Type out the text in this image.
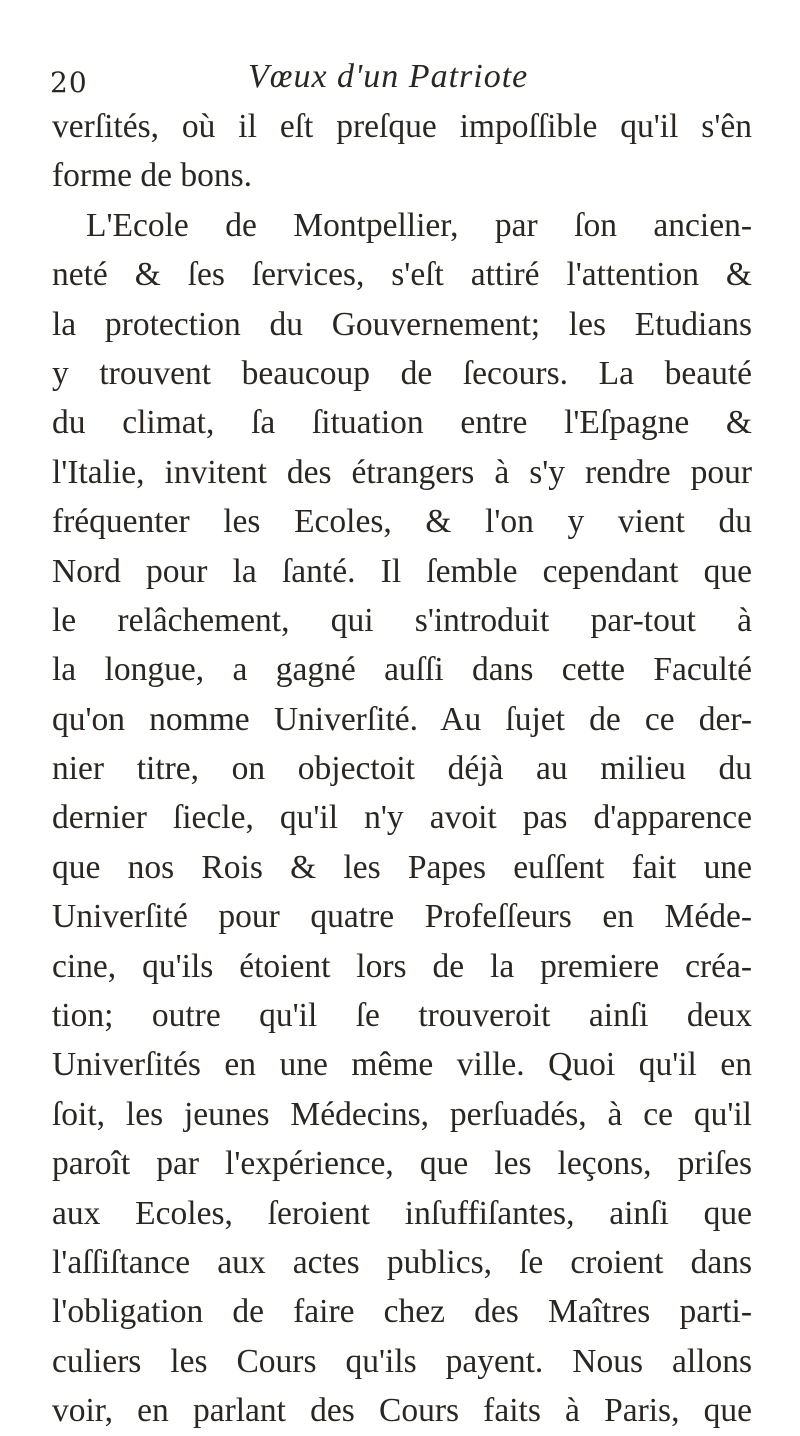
20	Vœux d'un Patriote
verſités, où il eſt preſque impoſſible qu'il s'ên
forme de bons.
L'Ecole de Montpellier, par ſon ancien-
neté & ſes ſervices, s'eſt attiré l'attention &
la protection du Gouvernement; les Etudians
y trouvent beaucoup de ſecours. La beauté
du climat, ſa ſituation entre l'Eſpagne &
l'Italie, invitent des étrangers à s'y rendre pour
fréquenter les Ecoles, & l'on y vient du
Nord pour la ſanté. Il ſemble cependant que
le relâchement, qui s'introduit par-tout à
la longue, a gagné auſſi dans cette Faculté
qu'on nomme Univerſité. Au ſujet de ce der-
nier titre, on objectoit déjà au milieu du
dernier ſiecle, qu'il n'y avoit pas d'apparence
que nos Rois & les Papes euſſent fait une
Univerſité pour quatre Profeſſeurs en Méde-
cine, qu'ils étoient lors de la premiere créa-
tion; outre qu'il ſe trouveroit ainſi deux
Univerſités en une même ville. Quoi qu'il en
ſoit, les jeunes Médecins, perſuadés, à ce qu'il
paroît par l'expérience, que les leçons, priſes
aux Ecoles, ſeroient inſuffiſantes, ainſi que
l'aſſiſtance aux actes publics, ſe croient dans
l'obligation de faire chez des Maîtres parti-
culiers les Cours qu'ils payent. Nous allons
voir, en parlant des Cours faits à Paris, que
